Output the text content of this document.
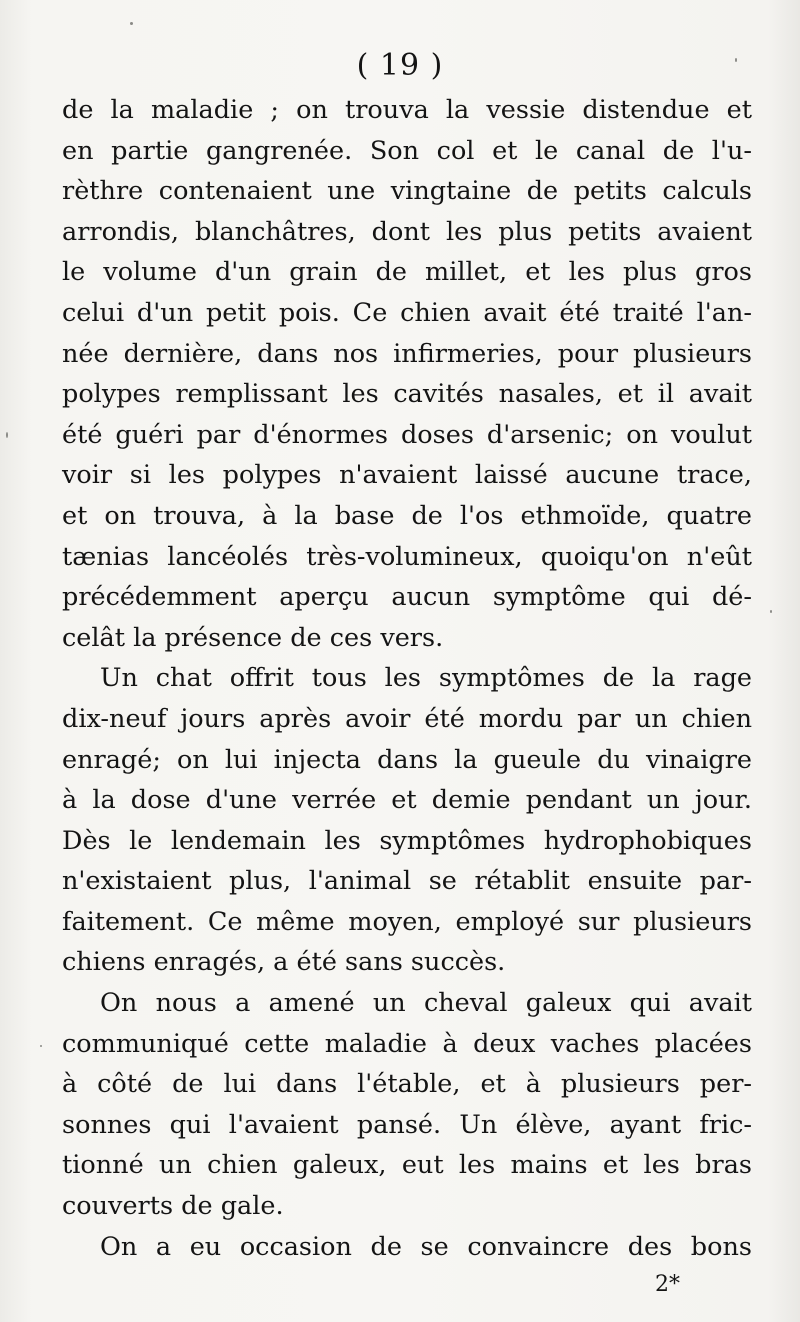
( 19 )
de la maladie ; on trouva la vessie distendue et
en partie gangrenée. Son col et le canal de l'u-
rèthre contenaient une vingtaine de petits calculs
arrondis, blanchâtres, dont les plus petits avaient
le volume d'un grain de millet, et les plus gros
celui d'un petit pois. Ce chien avait été traité l'an-
née dernière, dans nos infirmeries, pour plusieurs
polypes remplissant les cavités nasales, et il avait
été guéri par d'énormes doses d'arsenic; on voulut
voir si les polypes n'avaient laissé aucune trace,
et on trouva, à la base de l'os ethmoïde, quatre
tænias lancéolés très-volumineux, quoiqu'on n'eût
précédemment aperçu aucun symptôme qui dé-
celât la présence de ces vers.
Un chat offrit tous les symptômes de la rage
dix-neuf jours après avoir été mordu par un chien
enragé; on lui injecta dans la gueule du vinaigre
à la dose d'une verrée et demie pendant un jour.
Dès le lendemain les symptômes hydrophobiques
n'existaient plus, l'animal se rétablit ensuite par-
faitement. Ce même moyen, employé sur plusieurs
chiens enragés, a été sans succès.
On nous a amené un cheval galeux qui avait
communiqué cette maladie à deux vaches placées
à côté de lui dans l'étable, et à plusieurs per-
sonnes qui l'avaient pansé. Un élève, ayant fric-
tionné un chien galeux, eut les mains et les bras
couverts de gale.
On a eu occasion de se convaincre des bons
2*
